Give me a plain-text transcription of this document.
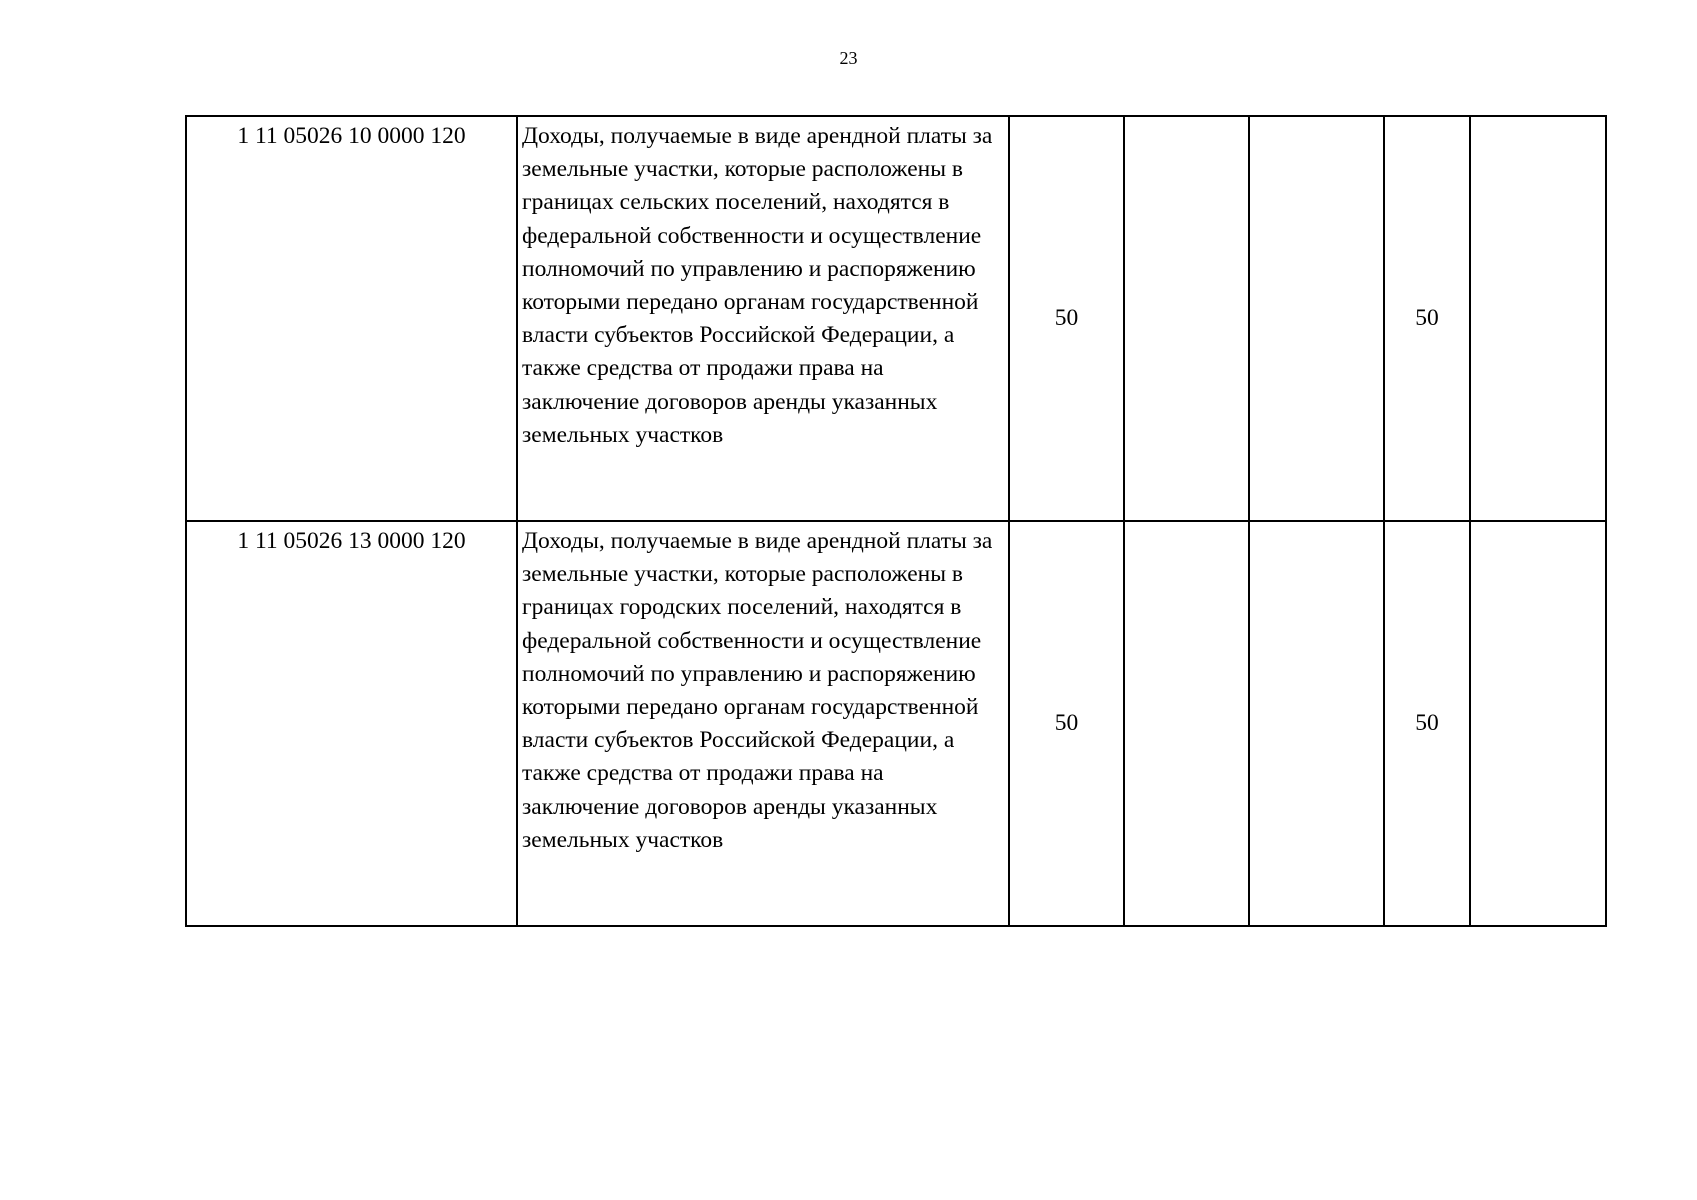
23
1 11 05026 10 0000 120	Доходы, получаемые в виде арендной платы за земельные участки, которые расположены в границах сельских поселений, находятся в федеральной собственности и осуществление полномочий по управлению и распоряжению которыми передано органам государственной власти субъектов Российской Федерации, а также средства от продажи права на заключение договоров аренды указанных земельных участков	50			50	
1 11 05026 13 0000 120	Доходы, получаемые в виде арендной платы за земельные участки, которые расположены в границах городских поселений, находятся в федеральной собственности и осуществление полномочий по управлению и распоряжению которыми передано органам государственной власти субъектов Российской Федерации, а также средства от продажи права на заключение договоров аренды указанных земельных участков	50			50	
